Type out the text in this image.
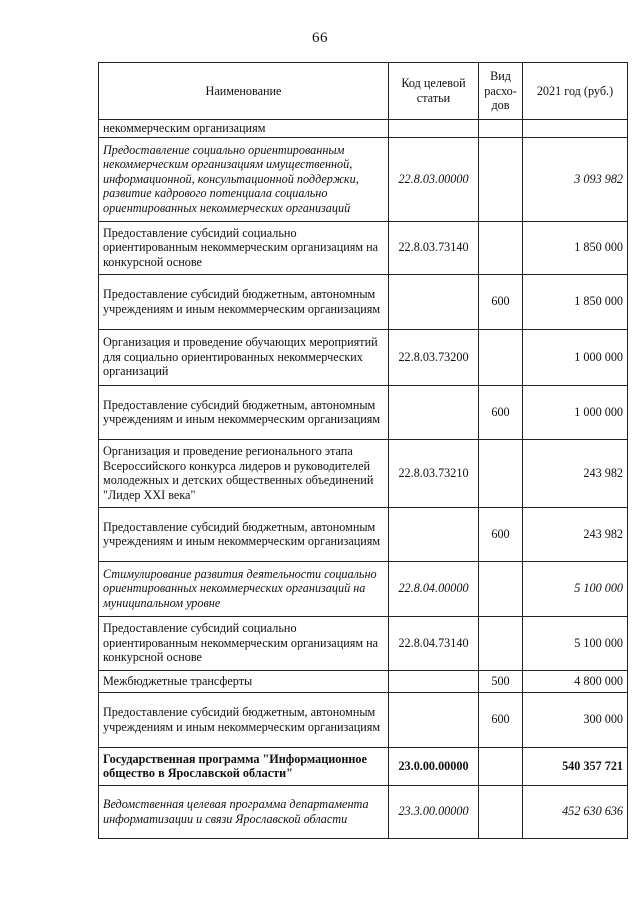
66
Наименование	Код целевой статьи	Вид расхо-дов	2021 год (руб.)
некоммерческим организациям			
Предоставление социально ориентированным некоммерческим организациям имущественной, информационной, консультационной поддержки, развитие кадрового потенциала социально ориентированных некоммерческих организаций	22.8.03.00000		3 093 982
Предоставление субсидий социально ориентированным некоммерческим организациям на конкурсной основе	22.8.03.73140		1 850 000
Предоставление субсидий бюджетным, автономным учреждениям и иным некоммерческим организациям		600	1 850 000
Организация и проведение обучающих мероприятий для социально ориентированных некоммерческих организаций	22.8.03.73200		1 000 000
Предоставление субсидий бюджетным, автономным учреждениям и иным некоммерческим организациям		600	1 000 000
Организация и проведение регионального этапа Всероссийского конкурса лидеров и руководителей молодежных и детских общественных объединений "Лидер XXI века"	22.8.03.73210		243 982
Предоставление субсидий бюджетным, автономным учреждениям и иным некоммерческим организациям		600	243 982
Стимулирование развития деятельности социально ориентированных некоммерческих организаций на муниципальном уровне	22.8.04.00000		5 100 000
Предоставление субсидий социально ориентированным некоммерческим организациям на конкурсной основе	22.8.04.73140		5 100 000
Межбюджетные трансферты		500	4 800 000
Предоставление субсидий бюджетным, автономным учреждениям и иным некоммерческим организациям		600	300 000
Государственная программа "Информационное общество в Ярославской области"	23.0.00.00000		540 357 721
Ведомственная целевая программа департамента информатизации и связи Ярославской области	23.3.00.00000		452 630 636
